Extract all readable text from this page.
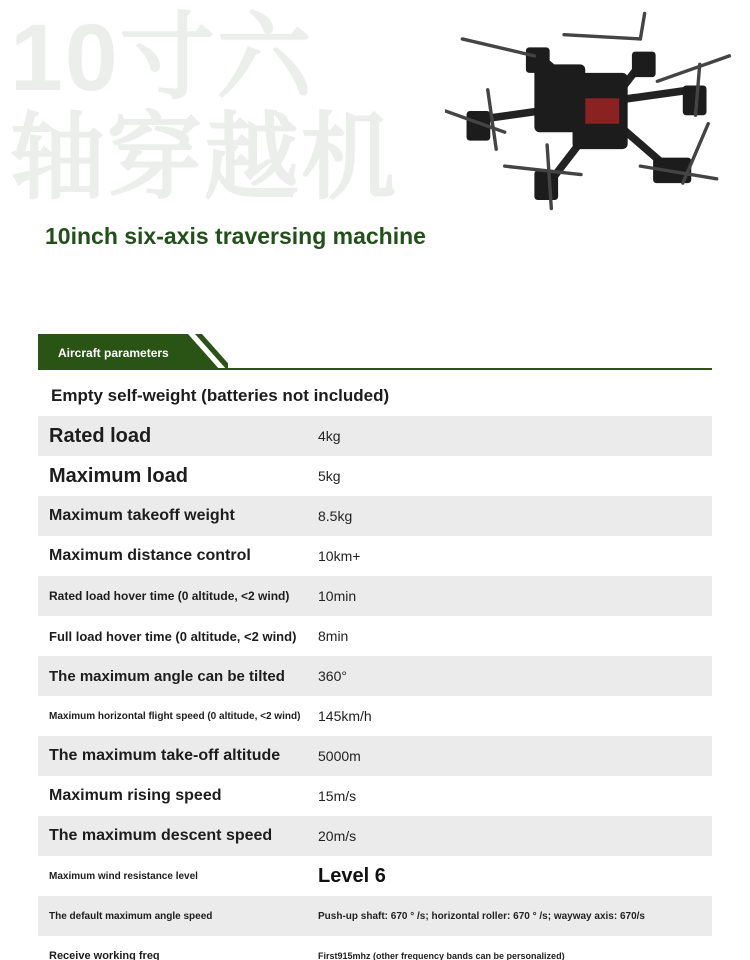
10寸六轴穿越机
10inch six-axis traversing machine
Aircraft parameters
Empty self-weight (batteries not included)
Rated load	4kg
Maximum load	5kg
Maximum takeoff weight	8.5kg
Maximum distance control	10km+
Rated load hover time (0 altitude, <2 wind)	10min
Full load hover time (0 altitude, <2 wind)	8min
The maximum angle can be tilted	360°
Maximum horizontal flight speed (0 altitude, <2 wind)	145km/h
The maximum take-off altitude	5000m
Maximum rising speed	15m/s
The maximum descent speed	20m/s
Maximum wind resistance level	Level 6
The default maximum angle speed	Push-up shaft: 670 ° /s; horizontal roller: 670 ° /s; wayway axis: 670/s
Receive working freq	First915mhz (other frequency bands can be personalized)
